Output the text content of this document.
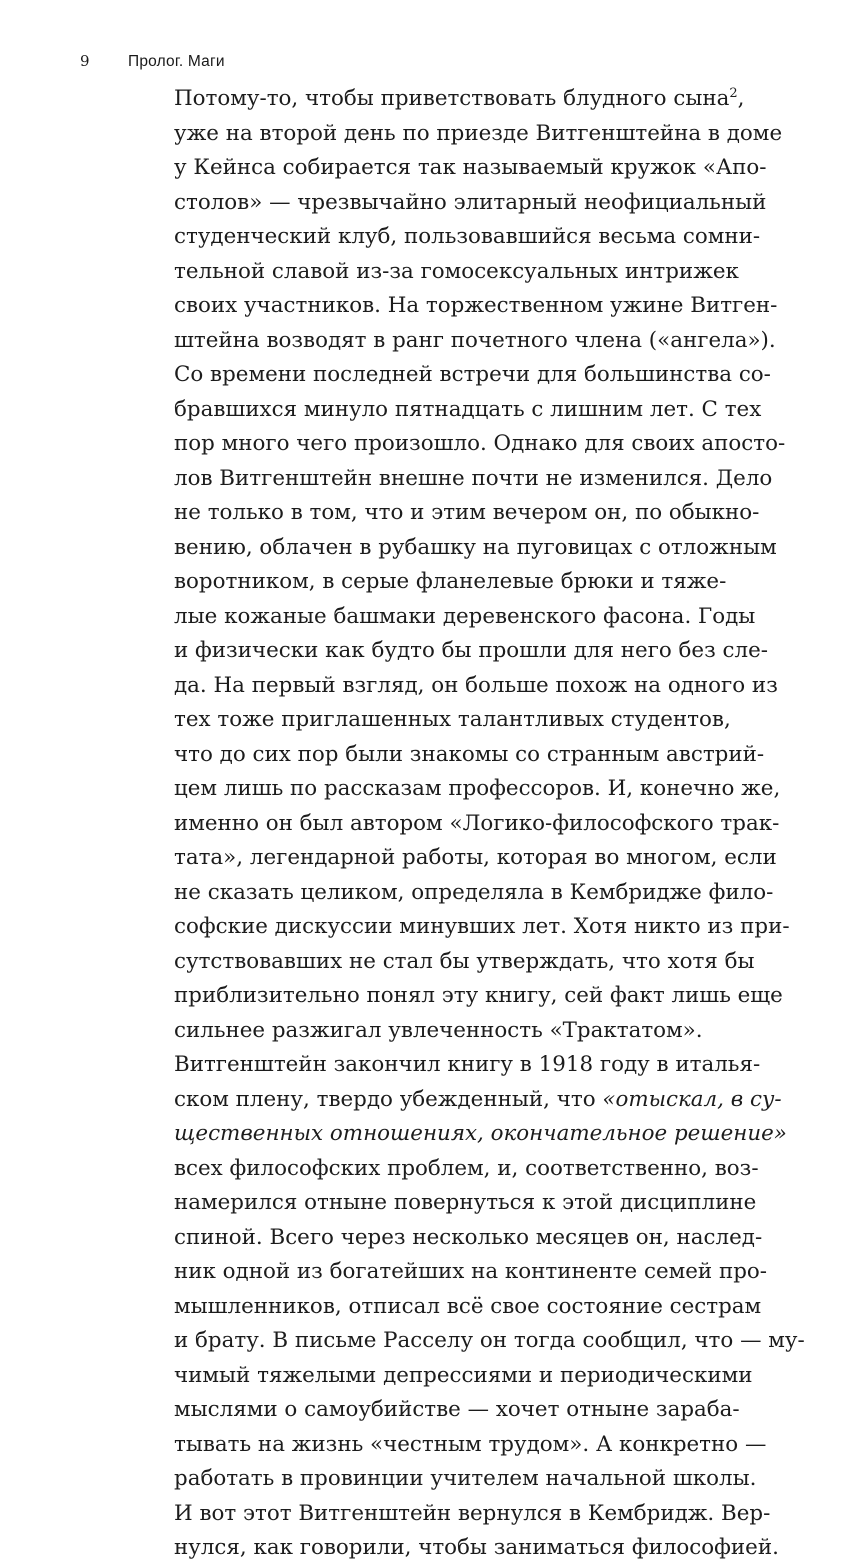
9	Пролог. Маги
Потому-то, чтобы приветствовать блудного сына$^2$,
уже на второй день по приезде Витгенштейна в доме
у Кейнса собирается так называемый кружок «Апо-
столов» — чрезвычайно элитарный неофициальный
студенческий клуб, пользовавшийся весьма сомни-
тельной славой из-за гомосексуальных интрижек
своих участников. На торжественном ужине Витген-
штейна возводят в ранг почетного члена («ангела»).
Со времени последней встречи для большинства со-
бравшихся минуло пятнадцать с лишним лет. С тех
пор много чего произошло. Однако для своих апосто-
лов Витгенштейн внешне почти не изменился. Дело
не только в том, что и этим вечером он, по обыкно-
вению, облачен в рубашку на пуговицах с отложным
воротником, в серые фланелевые брюки и тяже-
лые кожаные башмаки деревенского фасона. Годы
и физически как будто бы прошли для него без сле-
да. На первый взгляд, он больше похож на одного из
тех тоже приглашенных талантливых студентов,
что до сих пор были знакомы со странным австрий-
цем лишь по рассказам профессоров. И, конечно же,
именно он был автором «Логико-философского трак-
тата», легендарной работы, которая во многом, если
не сказать целиком, определяла в Кембридже фило-
софские дискуссии минувших лет. Хотя никто из при-
сутствовавших не стал бы утверждать, что хотя бы
приблизительно понял эту книгу, сей факт лишь еще
сильнее разжигал увлеченность «Трактатом».
Витгенштейн закончил книгу в 1918 году в италья-
ском плену, твердо убежденный, что «отыскал, в су-
щественных отношениях, окончательное решение»
всех философских проблем, и, соответственно, воз-
намерился отныне повернуться к этой дисциплине
спиной. Всего через несколько месяцев он, наслед-
ник одной из богатейших на континенте семей про-
мышленников, отписал всё свое состояние сестрам
и брату. В письме Расселу он тогда сообщил, что — му-
чимый тяжелыми депрессиями и периодическими
мыслями о самоубийстве — хочет отныне зараба-
тывать на жизнь «честным трудом». А конкретно —
работать в провинции учителем начальной школы.
И вот этот Витгенштейн вернулся в Кембридж. Вер-
нулся, как говорили, чтобы заниматься философией.
